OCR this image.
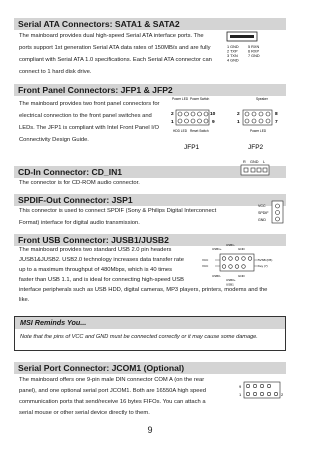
Serial ATA Connectors: SATA1 & SATA2
The mainboard provides dual high-speed Serial ATA interface ports. The
ports support 1st generation Serial ATA data rates of 150MB/s and are fully
compliant with Serial ATA 1.0 specifications. Each Serial ATA connector can
connect to 1 hard disk drive.
1 GND
2 TXP
3 TXN
4 GND
5 RXN
6 RXP
7 GND
Front Panel Connectors: JFP1 & JFP2
The mainboard provides two front panel connectors for
electrical connection to the front panel switches and
LEDs. The JFP1 is compliant with Intel Front Panel I/O
Connectivity Design Guide.
Power LED Power Switch
2
1
10
9
HDD LED Reset Switch
JFP1
Speaker
2
1
8
7
Power LED
JFP2
CD-In Connector: CD_IN1
The connector is for CD-ROM audio connector.
R GND L
SPDIF-Out Connector: JSP1
This connector is used to connect SPDIF (Sony & Philips Digital Interconnect
Format) interface for digital audio transmission.
VCC
SPDIF
GND
Front USB Connector: JUSB1/JUSB2
The mainboard provides two standard USB 2.0 pin headers
JUSB1&JUSB2. USB2.0 technology increases data transfer rate
up to a maximum throughput of 480Mbps, which is 40 times
faster than USB 1.1, and is ideal for connecting high-speed USB
interface peripherals such as USB HDD, digital cameras, MP3 players, printers, modems and the
like.
USB1-
USB1+	GND
VCC
VCC
GND
USB0-
USB0+
5VSB (D5)
Key (7)
USB1
MSI Reminds You...
Note that the pins of VCC and GND must be connected correctly or it may cause some damage.
Serial Port Connector: JCOM1 (Optional)
The mainboard offers one 9-pin male DIN connector COM A (on the rear
panel), and one optional serial port JCOM1. Both are 16550A high speed
communication ports that send/receive 16 bytes FIFOs. You can attach a
serial mouse or other serial device directly to them.
9
1	2
9
